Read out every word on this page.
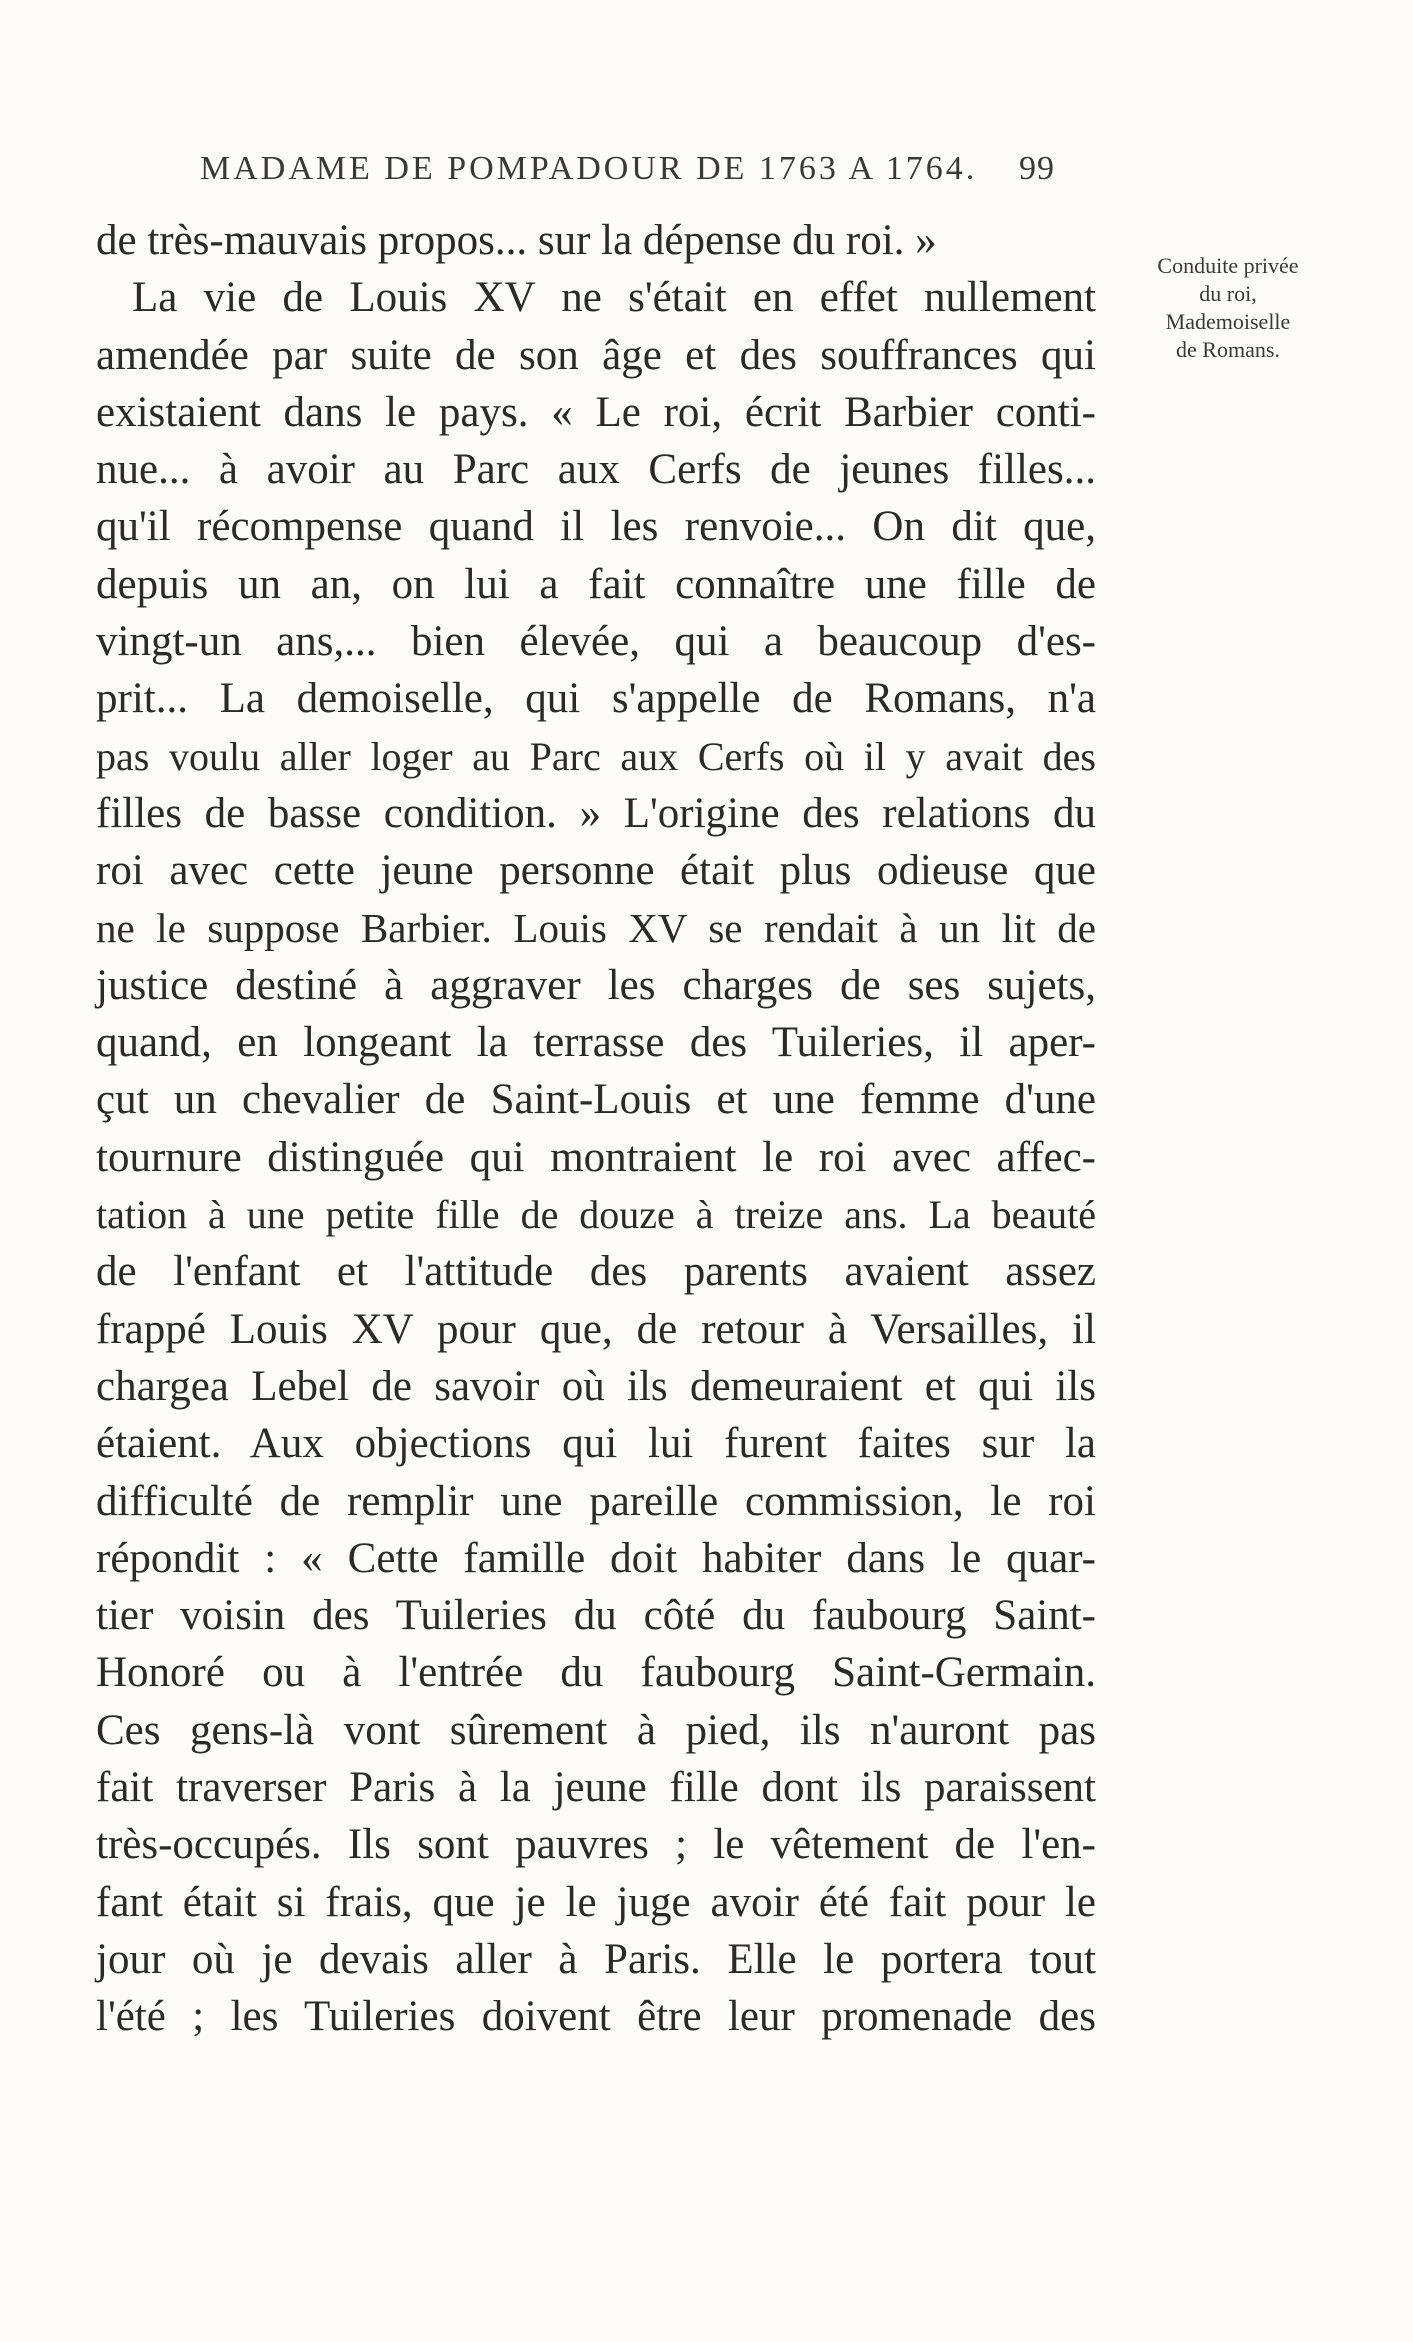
MADAME DE POMPADOUR DE 1763 A 1764. 99
Conduite privée
du roi,
Mademoiselle
de Romans.
de très-mauvais propos... sur la dépense du roi. »
La vie de Louis XV ne s'était en effet nullement
amendée par suite de son âge et des souffrances qui
existaient dans le pays. « Le roi, écrit Barbier conti-
nue... à avoir au Parc aux Cerfs de jeunes filles...
qu'il récompense quand il les renvoie... On dit que,
depuis un an, on lui a fait connaître une fille de
vingt-un ans,... bien élevée, qui a beaucoup d'es-
prit... La demoiselle, qui s'appelle de Romans, n'a
pas voulu aller loger au Parc aux Cerfs où il y avait des
filles de basse condition. » L'origine des relations du
roi avec cette jeune personne était plus odieuse que
ne le suppose Barbier. Louis XV se rendait à un lit de
justice destiné à aggraver les charges de ses sujets,
quand, en longeant la terrasse des Tuileries, il aper-
çut un chevalier de Saint-Louis et une femme d'une
tournure distinguée qui montraient le roi avec affec-
tation à une petite fille de douze à treize ans. La beauté
de l'enfant et l'attitude des parents avaient assez
frappé Louis XV pour que, de retour à Versailles, il
chargea Lebel de savoir où ils demeuraient et qui ils
étaient. Aux objections qui lui furent faites sur la
difficulté de remplir une pareille commission, le roi
répondit : « Cette famille doit habiter dans le quar-
tier voisin des Tuileries du côté du faubourg Saint-
Honoré ou à l'entrée du faubourg Saint-Germain.
Ces gens-là vont sûrement à pied, ils n'auront pas
fait traverser Paris à la jeune fille dont ils paraissent
très-occupés. Ils sont pauvres ; le vêtement de l'en-
fant était si frais, que je le juge avoir été fait pour le
jour où je devais aller à Paris. Elle le portera tout
l'été ; les Tuileries doivent être leur promenade des
